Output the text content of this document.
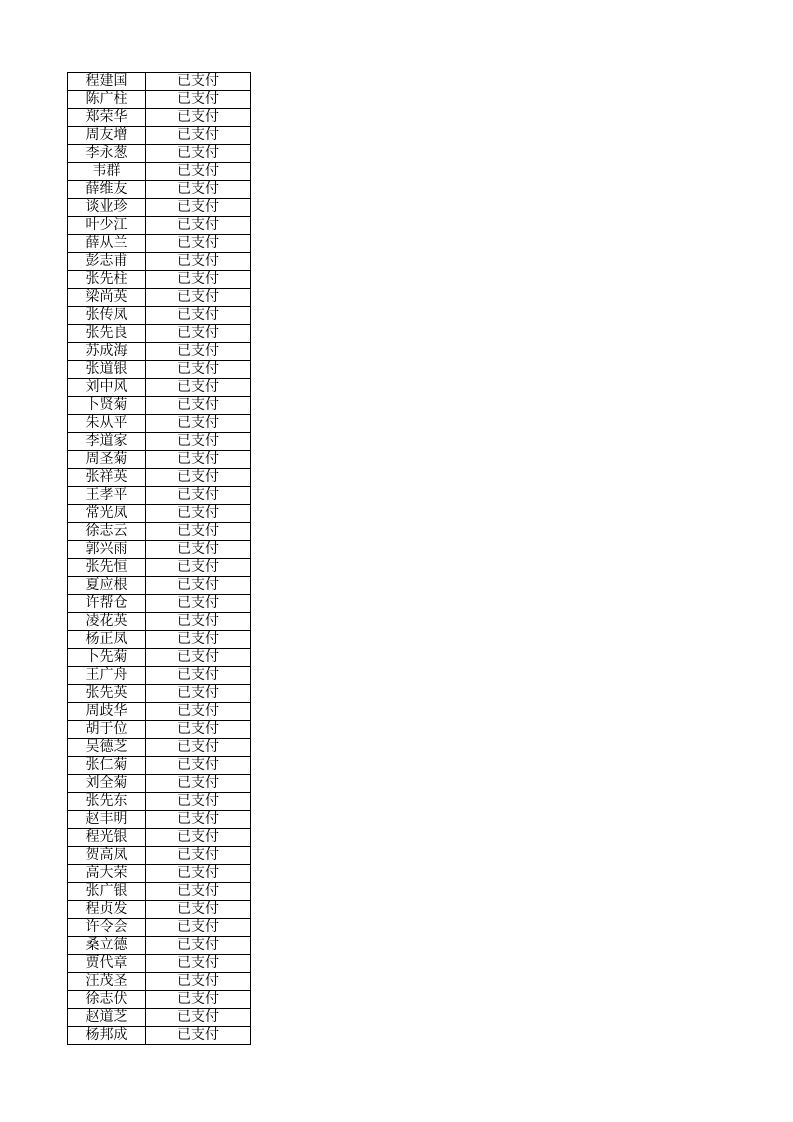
程建国	已支付
陈广柱	已支付
郑荣华	已支付
周友增	已支付
李永葱	已支付
韦群	已支付
薛维友	已支付
谈业珍	已支付
叶少江	已支付
薛从兰	已支付
彭志甫	已支付
张先柱	已支付
梁尚英	已支付
张传凤	已支付
张先良	已支付
苏成海	已支付
张道银	已支付
刘中风	已支付
卜贤菊	已支付
朱从平	已支付
李道家	已支付
周圣菊	已支付
张祥英	已支付
王孝平	已支付
常光凤	已支付
徐志云	已支付
郭兴雨	已支付
张先恒	已支付
夏应根	已支付
许帮仓	已支付
凌花英	已支付
杨正凤	已支付
卜先菊	已支付
王广舟	已支付
张先英	已支付
周歧华	已支付
胡于位	已支付
吴德芝	已支付
张仁菊	已支付
刘全菊	已支付
张先东	已支付
赵丰明	已支付
程光银	已支付
贺高凤	已支付
高大荣	已支付
张广银	已支付
程贞发	已支付
许令会	已支付
桑立德	已支付
贾代章	已支付
汪茂圣	已支付
徐志伏	已支付
赵道芝	已支付
杨邦成	已支付
